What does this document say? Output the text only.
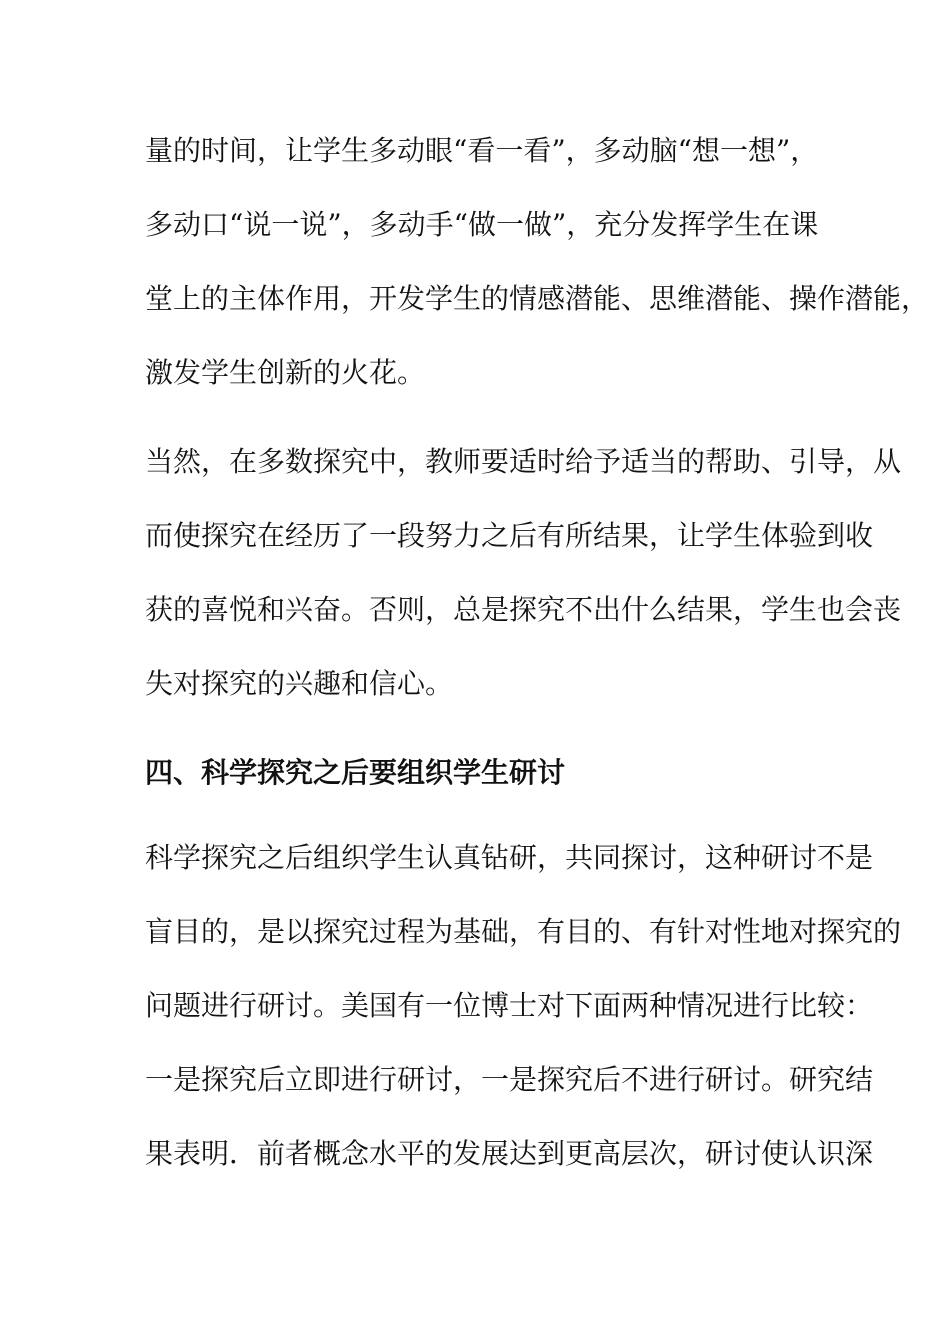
量的时间，让学生多动眼“看一看”，多动脑“想一想”，
多动口“说一说”，多动手“做一做”，充分发挥学生在课
堂上的主体作用，开发学生的情感潜能、思维潜能、操作潜能，
激发学生创新的火花。
当然，在多数探究中，教师要适时给予适当的帮助、引导，从
而使探究在经历了一段努力之后有所结果，让学生体验到收
获的喜悦和兴奋。否则，总是探究不出什么结果，学生也会丧
失对探究的兴趣和信心。
四、科学探究之后要组织学生研讨
科学探究之后组织学生认真钻研，共同探讨，这种研讨不是
盲目的，是以探究过程为基础，有目的、有针对性地对探究的
问题进行研讨。美国有一位博士对下面两种情况进行比较：
一是探究后立即进行研讨，一是探究后不进行研讨。研究结
果表明．前者概念水平的发展达到更高层次，研讨使认识深
